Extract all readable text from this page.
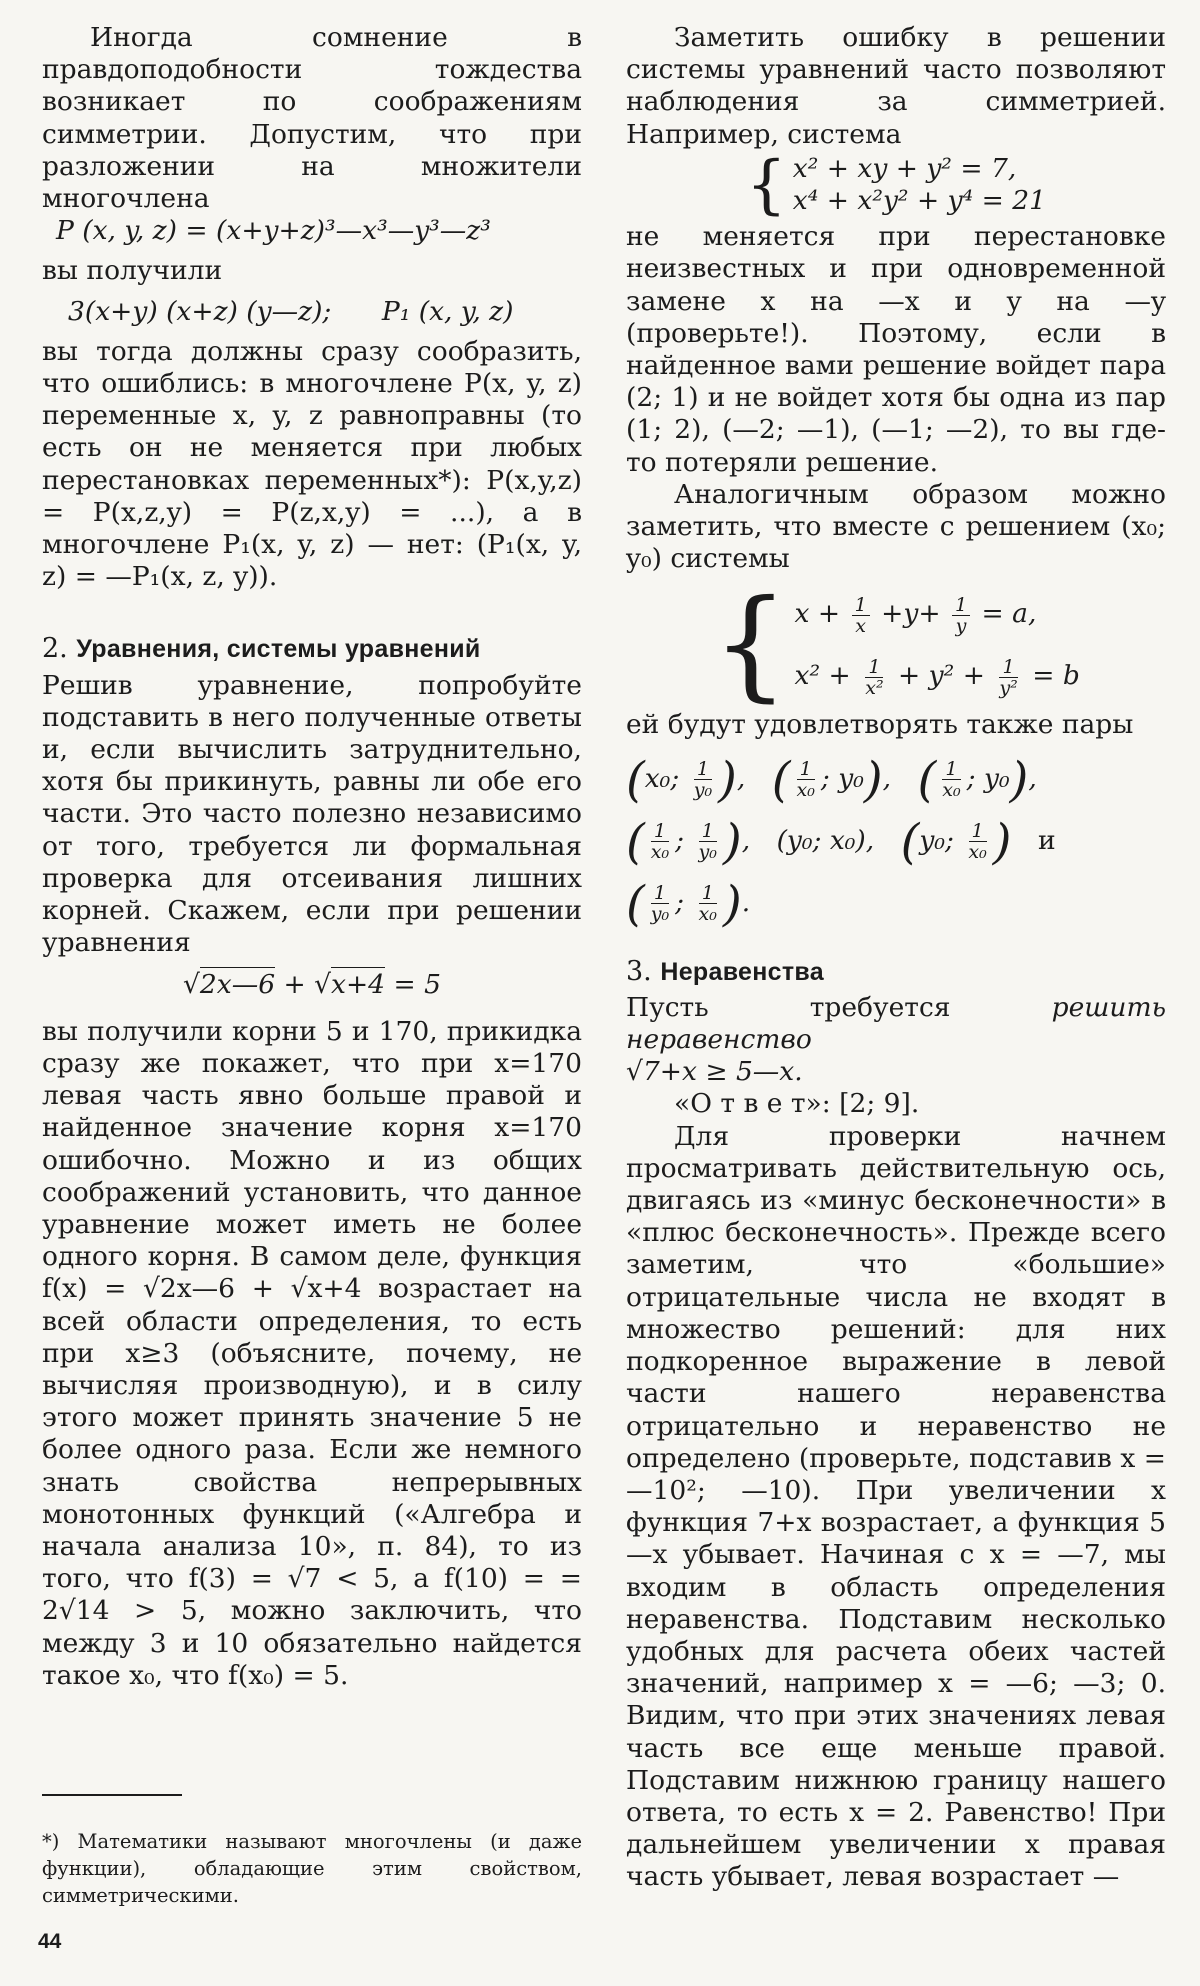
Иногда сомнение в правдоподобности тождества возникает по соображениям симметрии. Допустим, что при разложении на множители многочлена

P (x, y, z) = (x+y+z)³—x³—y³—z³

вы получили

3(x+y) (x+z) (y—z);      P₁ (x, y, z)

вы тогда должны сразу сообразить, что ошиблись: в многочлене P(x, y, z) переменные x, y, z равноправны (то есть он не меняется при любых перестановках переменных*): P(x,y,z) = P(x,z,y) = P(z,x,y) = ...), а в многочлене P₁(x, y, z) — нет: (P₁(x, y, z) = —P₁(x, z, y)).

2. Уравнения, системы уравнений

Решив уравнение, попробуйте подставить в него полученные ответы и, если вычислить затруднительно, хотя бы прикинуть, равны ли обе его части. Это часто полезно независимо от того, требуется ли формальная проверка для отсеивания лишних корней. Скажем, если при решении уравнения

√2x—6 + √x+4 = 5

вы получили корни 5 и 170, прикидка сразу же покажет, что при x=170 левая часть явно больше правой и найденное значение корня x=170 ошибочно. Можно и из общих соображений установить, что данное уравнение может иметь не более одного корня. В самом деле, функция f(x) = √2x—6 + √x+4 возрастает на всей области определения, то есть при x≥3 (объясните, почему, не вычисляя производную), и в силу этого может принять значение 5 не более одного раза. Если же немного знать свойства непрерывных монотонных функций («Алгебра и начала анализа 10», п. 84), то из того, что f(3) = √7 < 5, а f(10) = = 2√14 > 5, можно заключить, что между 3 и 10 обязательно найдется такое x₀, что f(x₀) = 5.

*) Математики называют многочлены (и даже функции), обладающие этим свойством, симметрическими.

44

Заметить ошибку в решении системы уравнений часто позволяют наблюдения за симметрией. Например, система

{ x² + xy + y² = 7,
x⁴ + x²y² + y⁴ = 21

не меняется при перестановке неизвестных и при одновременной замене x на —x и y на —y (проверьте!). Поэтому, если в найденное вами решение войдет пара (2; 1) и не войдет хотя бы одна из пар (1; 2), (—2; —1), (—1; —2), то вы где-то потеряли решение.

Аналогичным образом можно заметить, что вместе с решением (x₀; y₀) системы

{ $x + \frac{1}{x} +y+ \frac{1}{y} = a$,
$x^2 + \frac{1}{\text{x²}} + y^2 + \frac{1}{\text{y²}} = b$

ей будут удовлетворять также пары

(x₀; $\frac{1}{\text{y₀}}$ ), ( $\frac{1}{\text{x₀}}$ ; y₀), ( $\frac{1}{\text{x₀}}$ ; y₀),
( $\frac{1}{\text{x₀}}$ ; $\frac{1}{\text{y₀}}$ ), (y₀; x₀), (y₀; $\frac{1}{\text{x₀}}$ ) и
( $\frac{1}{\text{y₀}}$ ; $\frac{1}{\text{x₀}}$ ).

3. Неравенства

Пусть требуется решить неравенство

√7+x ≥ 5—x.

«О т в е т»: [2; 9].

Для проверки начнем просматривать действительную ось, двигаясь из «минус бесконечности» в «плюс бесконечность». Прежде всего заметим, что «большие» отрицательные числа не входят в множество решений: для них подкоренное выражение в левой части нашего неравенства отрицательно и неравенство не определено (проверьте, подставив x = —10²; —10). При увеличении x функция 7+x возрастает, а функция 5—x убывает. Начиная с x = —7, мы входим в область определения неравенства. Подставим несколько удобных для расчета обеих частей значений, например x = —6; —3; 0. Видим, что при этих значениях левая часть все еще меньше правой. Подставим нижнюю границу нашего ответа, то есть x = 2. Равенство! При дальнейшем увеличении x правая часть убывает, левая возрастает —
